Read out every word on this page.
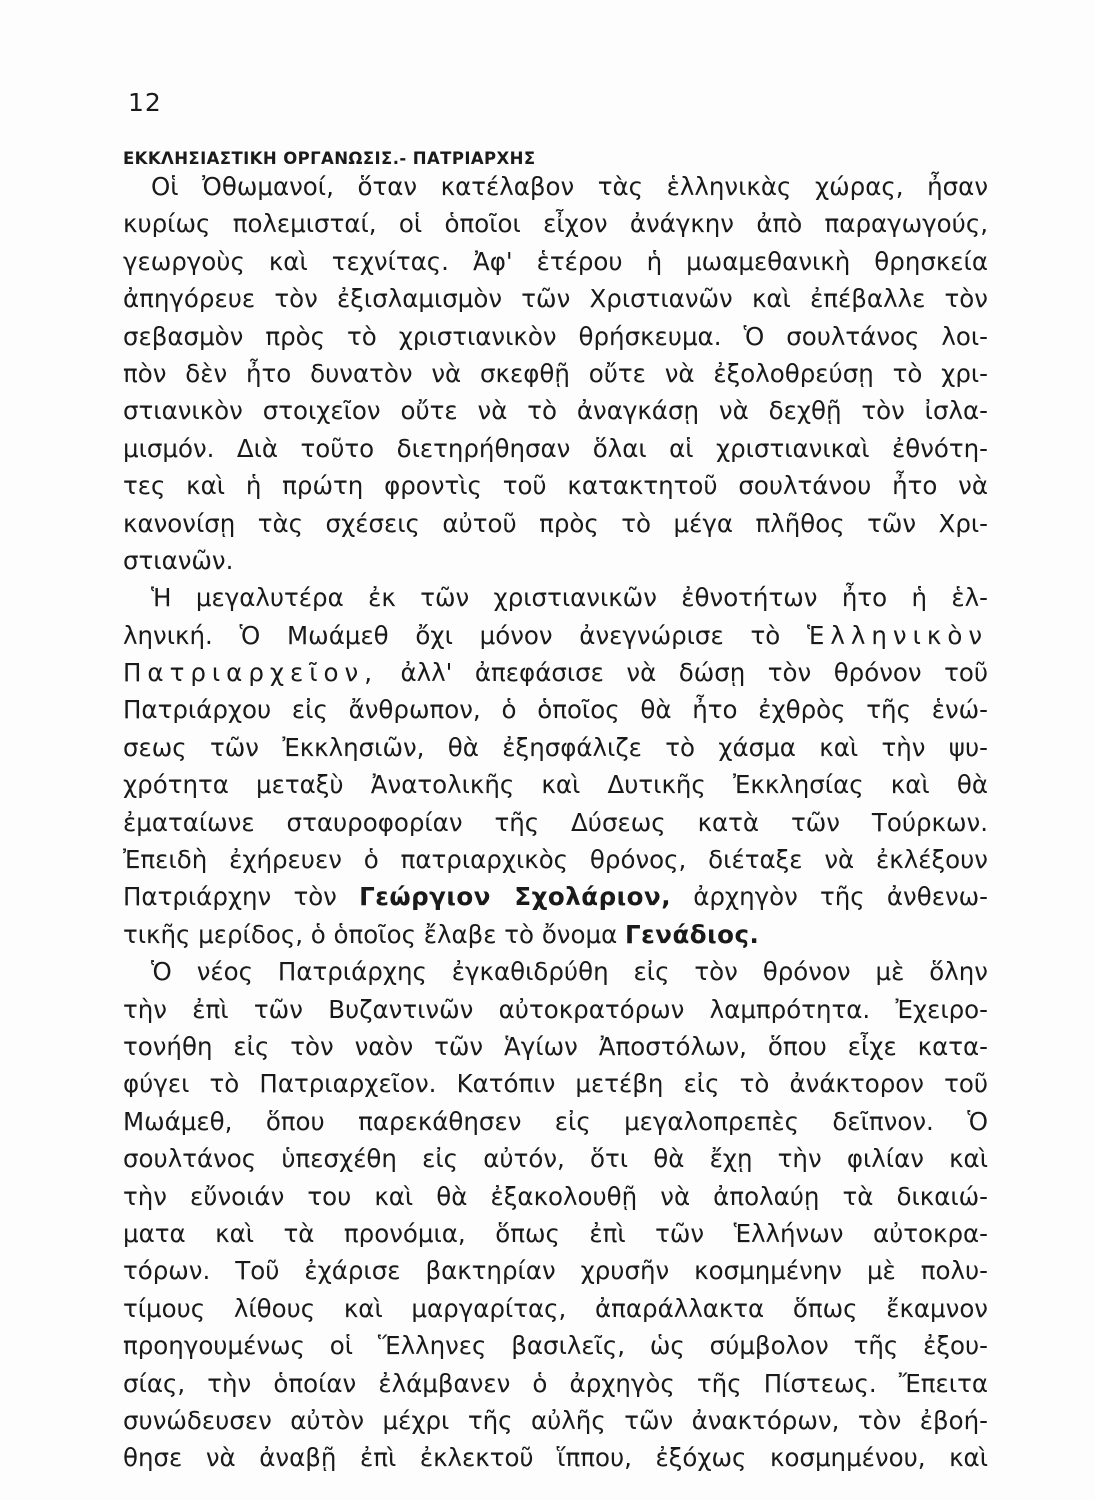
12
ΕΚΚΛΗΣΙΑΣΤΙΚΗ ΟΡΓΑΝΩΣΙΣ.- ΠΑΤΡΙΑΡΧΗΣ
Οἱ Ὀθωμανοί, ὅταν κατέλαβον τὰς ἑλληνικὰς χώρας, ἦσαν
κυρίως πολεμισταί, οἱ ὁποῖοι εἶχον ἀνάγκην ἀπὸ παραγωγούς,
γεωργοὺς καὶ τεχνίτας. Ἀφ' ἑτέρου ἡ μωαμεθανικὴ θρησκεία
ἀπηγόρευε τὸν ἐξισλαμισμὸν τῶν Χριστιανῶν καὶ ἐπέβαλλε τὸν
σεβασμὸν πρὸς τὸ χριστιανικὸν θρήσκευμα. Ὁ σουλτάνος λοι-
πὸν δὲν ἦτο δυνατὸν νὰ σκεφθῇ οὔτε νὰ ἐξολοθρεύσῃ τὸ χρι-
στιανικὸν στοιχεῖον οὔτε νὰ τὸ ἀναγκάσῃ νὰ δεχθῇ τὸν ἰσλα-
μισμόν. Διὰ τοῦτο διετηρήθησαν ὅλαι αἱ χριστιανικαὶ ἐθνότη-
τες καὶ ἡ πρώτη φροντὶς τοῦ κατακτητοῦ σουλτάνου ἦτο νὰ
κανονίσῃ τὰς σχέσεις αὐτοῦ πρὸς τὸ μέγα πλῆθος τῶν Χρι-
στιανῶν.
Ἡ μεγαλυτέρα ἐκ τῶν χριστιανικῶν ἐθνοτήτων ἦτο ἡ ἑλ-
ληνική. Ὁ Μωάμεθ ὄχι μόνον ἀνεγνώρισε τὸ Ἑλληνικὸν
Πατριαρχεῖον, ἀλλ' ἀπεφάσισε νὰ δώσῃ τὸν θρόνον τοῦ
Πατριάρχου εἰς ἄνθρωπον, ὁ ὁποῖος θὰ ἦτο ἐχθρὸς τῆς ἑνώ-
σεως τῶν Ἐκκλησιῶν, θὰ ἐξησφάλιζε τὸ χάσμα καὶ τὴν ψυ-
χρότητα μεταξὺ Ἀνατολικῆς καὶ Δυτικῆς Ἐκκλησίας καὶ θὰ
ἐματαίωνε σταυροφορίαν τῆς Δύσεως κατὰ τῶν Τούρκων.
Ἐπειδὴ ἐχήρευεν ὁ πατριαρχικὸς θρόνος, διέταξε νὰ ἐκλέξουν
Πατριάρχην τὸν Γεώργιον Σχολάριον, ἀρχηγὸν τῆς ἀνθενω-
τικῆς μερίδος, ὁ ὁποῖος ἔλαβε τὸ ὄνομα Γενάδιος.
Ὁ νέος Πατριάρχης ἐγκαθιδρύθη εἰς τὸν θρόνον μὲ ὅλην
τὴν ἐπὶ τῶν Βυζαντινῶν αὐτοκρατόρων λαμπρότητα. Ἐχειρο-
τονήθη εἰς τὸν ναὸν τῶν Ἁγίων Ἀποστόλων, ὅπου εἶχε κατα-
φύγει τὸ Πατριαρχεῖον. Κατόπιν μετέβη εἰς τὸ ἀνάκτορον τοῦ
Μωάμεθ, ὅπου παρεκάθησεν εἰς μεγαλοπρεπὲς δεῖπνον. Ὁ
σουλτάνος ὑπεσχέθη εἰς αὐτόν, ὅτι θὰ ἔχῃ τὴν φιλίαν καὶ
τὴν εὔνοιάν του καὶ θὰ ἐξακολουθῇ νὰ ἀπολαύῃ τὰ δικαιώ-
ματα καὶ τὰ προνόμια, ὅπως ἐπὶ τῶν Ἑλλήνων αὐτοκρα-
τόρων. Τοῦ ἐχάρισε βακτηρίαν χρυσῆν κοσμημένην μὲ πολυ-
τίμους λίθους καὶ μαργαρίτας, ἀπαράλλακτα ὅπως ἔκαμνον
προηγουμένως οἱ Ἕλληνες βασιλεῖς, ὡς σύμβολον τῆς ἐξου-
σίας, τὴν ὁποίαν ἐλάμβανεν ὁ ἀρχηγὸς τῆς Πίστεως. Ἔπειτα
συνώδευσεν αὐτὸν μέχρι τῆς αὐλῆς τῶν ἀνακτόρων, τὸν ἐβοή-
θησε νὰ ἀναβῇ ἐπὶ ἐκλεκτοῦ ἵππου, ἐξόχως κοσμημένου, καὶ
